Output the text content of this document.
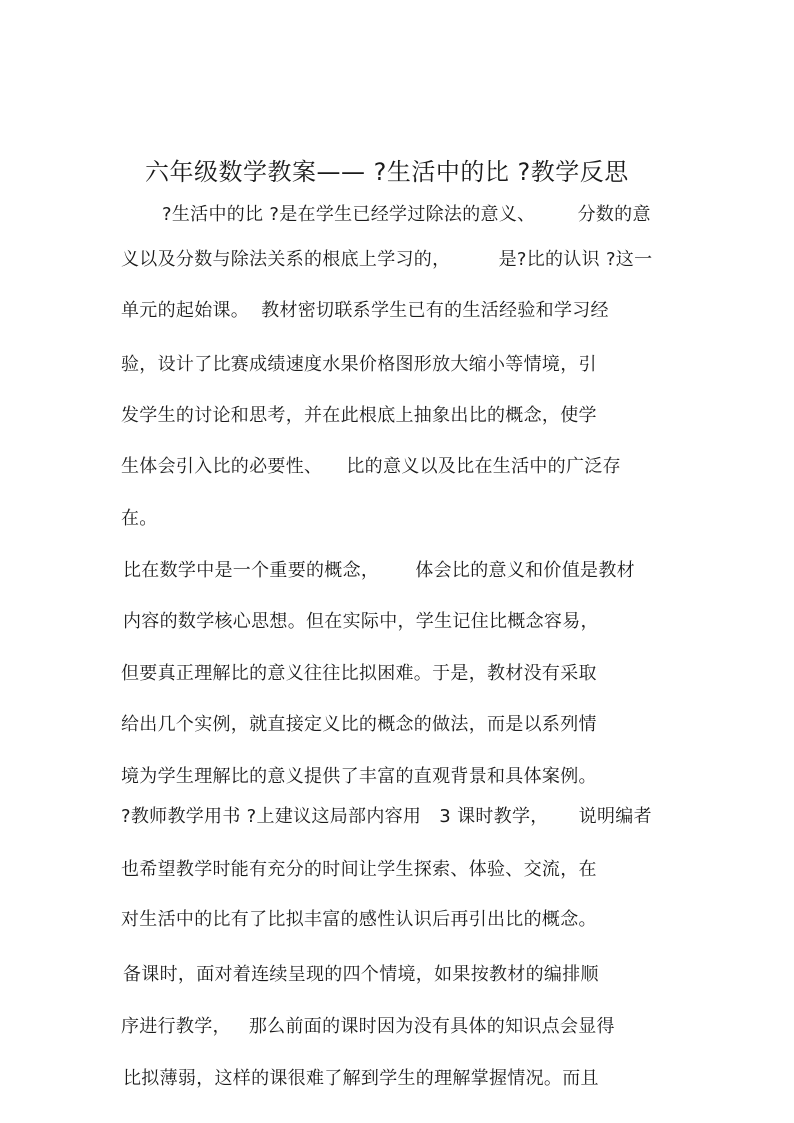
六年级数学教案—— ?生活中的比 ?教学反思
?生活中的比 ?是在学生已经学过除法的意义、       分数的意
义以及分数与除法关系的根底上学习的，        是?比的认识 ?这一
单元的起始课。  教材密切联系学生已有的生活经验和学习经
验，设计了比赛成绩速度水果价格图形放大缩小等情境，引
发学生的讨论和思考，并在此根底上抽象出比的概念，使学
生体会引入比的必要性、    比的意义以及比在生活中的广泛存
在。
比在数学中是一个重要的概念，      体会比的意义和价值是教材
内容的数学核心思想。但在实际中，学生记住比概念容易，
但要真正理解比的意义往往比拟困难。于是，教材没有采取
给出几个实例，就直接定义比的概念的做法，而是以系列情
境为学生理解比的意义提供了丰富的直观背景和具体案例。
?教师教学用书 ?上建议这局部内容用   3 课时教学，     说明编者
也希望教学时能有充分的时间让学生探索、体验、交流，在
对生活中的比有了比拟丰富的感性认识后再引出比的概念。
备课时，面对着连续呈现的四个情境，如果按教材的编排顺
序进行教学，   那么前面的课时因为没有具体的知识点会显得
比拟薄弱，这样的课很难了解到学生的理解掌握情况。而且
